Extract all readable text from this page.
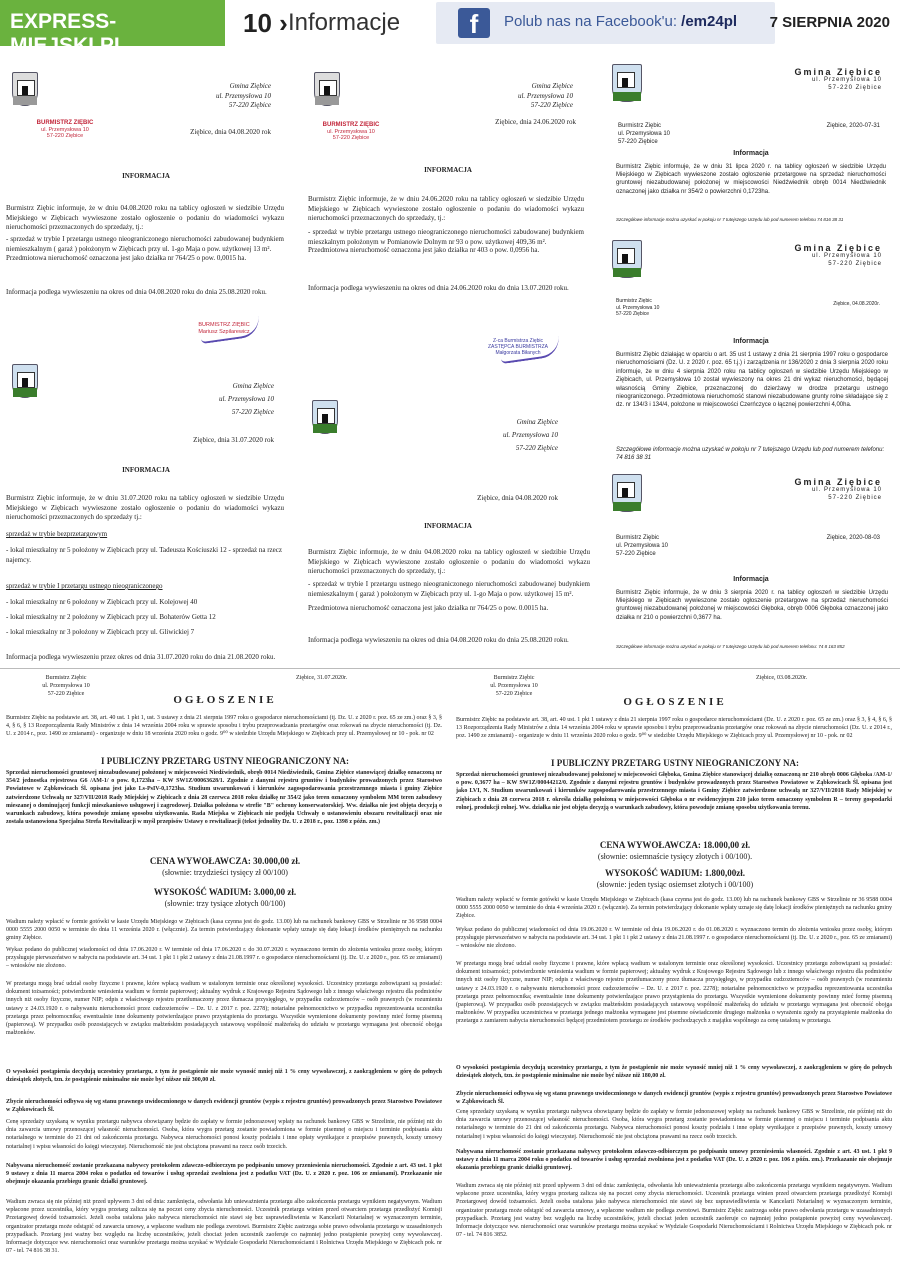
EXPRESS-MIEJSKI.PL
10 › Informacje	f	Polub nas na Facebook'u: /em24pl 7 SIERPNIA 2020
Gmina Ziębice
ul. Przemysłowa 10
57-220 Ziębice
BURMISTRZ ZIĘBIC
ul. Przemysłowa 10
57-220 Ziębice	Ziębice, dnia 04.08.2020 rok
INFORMACJA
Burmistrz Ziębic informuje, że w dniu 04.08.2020 roku na tablicy ogłoszeń w siedzibie Urzędu Miejskiego w Ziębicach wywieszone zostało ogłoszenie o podaniu do wiadomości wykazu nieruchomości przeznaczonych do sprzedaży, tj.:
- sprzedaż w trybie I przetargu ustnego nieograniczonego nieruchomości zabudowanej budynkiem niemieszkalnym ( garaż ) położonym w Ziębicach przy ul. 1-go Maja o pow. użytkowej 13 m².
Przedmiotowa nieruchomość oznaczona jest jako działka nr 764/25 o pow. 0,0015 ha.
Informacja podlega wywieszeniu na okres od dnia 04.08.2020 roku do dnia 25.08.2020 roku.
BURMISTRZ ZIĘBIC
Mariusz Szpilarewicz
Gmina Ziębice
ul. Przemysłowa 10
57-220 Ziębice
BURMISTRZ ZIĘBIC
ul. Przemysłowa 10
57-220 Ziębice
Ziębice, dnia 24.06.2020 rok
INFORMACJA
Burmistrz Ziębic informuje, że w dniu 24.06.2020 roku na tablicy ogłoszeń w siedzibie Urzędu Miejskiego w Ziębicach wywieszone zostało ogłoszenie o podaniu do wiadomości wykazu nieruchomości przeznaczonych do sprzedaży, tj.:
- sprzedaż w trybie przetargu ustnego nieograniczonego nieruchomości zabudowanej budynkiem mieszkalnym położonym w Pomianowie Dolnym nr 93 o pow. użytkowej 409,36 m².
Przedmiotowa nieruchomość oznaczona jest jako działka nr 403 o pow. 0,0956 ha.
Informacja podlega wywieszeniu na okres od dnia 24.06.2020 roku do dnia 13.07.2020 roku.
Z-ca Burmistrza Ziębic
ZASTĘPCA BURMISTRZA
Małgorzata Biłanych
Gmina Ziębice
ul. Przemysłowa 10
57-220 Ziębice
Burmistrz Ziębic
ul. Przemysłowa 10
57-220 Ziębice
Ziębice, 2020-07-31
Informacja
Burmistrz Ziębic informuje, że w dniu 31 lipca 2020 r. na tablicy ogłoszeń w siedzibie Urzędu Miejskiego w Ziębicach wywieszone zostało ogłoszenie przetargowe na sprzedaż nieruchomości gruntowej niezabudowanej położonej w miejscowości Niedźwiednik obręb 0014 Niedźwiednik oznaczonej jako działka nr 354/2 o powierzchni 0,1723ha.
Szczegółowe informacje można uzyskać w pokoju nr 7 tutejszego Urzędu lub pod numerem telefonu 74 816 38 31
Gmina Ziębice
ul. Przemysłowa 10
57-220 Ziębice
Burmistrz Ziębic
ul. Przemysłowa 10
57-220 Ziębice
Ziębice, 04.08.2020r.
Informacja
Burmistrz Ziębic działając w oparciu o art. 35 ust 1 ustawy z dnia 21 sierpnia 1997 roku o gospodarce nieruchomościami (Dz. U. z 2020 r. poz. 65 t.j.) i zarządzenia nr 136/2020 z dnia 3 sierpnia 2020 roku informuje, że w dniu 4 sierpnia 2020 roku na tablicy ogłoszeń w siedzibie Urzędu Miejskiego w Ziębicach, ul. Przemysłowa 10 został wywieszony na okres 21 dni wykaz nieruchomości, będącej własnością Gminy Ziębice, przeznaczonej do dzierżawy w drodze przetargu ustnego nieograniczonego. Przedmiotowa nieruchomość stanowi niezabudowane grunty rolne składające się z dz. nr 134/3 i 134/4, położone w miejscowości Czerńczyce o łącznej powierzchni 4,00ha.
Szczegółowe informacje można uzyskać w pokoju nr 7 tutejszego Urzędu lub pod numerem telefonu: 74 816 38 31
Gmina Ziębice
ul. Przemysłowa 10
57-220 Ziębice
Burmistrz Ziębic
ul. Przemysłowa 10
57-220 Ziębice
Ziębice, 2020-08-03
Informacja
Burmistrz Ziębic informuje, że w dniu 3 sierpnia 2020 r. na tablicy ogłoszeń w siedzibie Urzędu Miejskiego w Ziębicach wywieszone zostało ogłoszenie przetargowe na sprzedaż nieruchomości gruntowej niezabudowanej położonej w miejscowości Głęboka, obręb 0006 Głęboka oznaczonej jako działka nr 210 o powierzchni 0,3677 ha.
Szczegółowe informacje można uzyskać w pokoju nr 7 tutejszego Urzędu lub pod numerem telefonu: 74 8 163 852
Gmina Ziębice
ul. Przemysłowa 10
57-220 Ziębice
Ziębice, dnia 31.07.2020 rok
INFORMACJA
Burmistrz Ziębic informuje, że w dniu 31.07.2020 roku na tablicy ogłoszeń w siedzibie Urzędu Miejskiego w Ziębicach wywieszone zostało ogłoszenie o podaniu do wiadomości wykazu nieruchomości przeznaczonych do sprzedaży tj.:
sprzedaż w trybie bezprzetargowym
- lokal mieszkalny nr 5 położony w Ziębicach przy ul. Tadeusza Kościuszki 12 - sprzedaż na rzecz najemcy.
sprzedaż w trybie I przetargu ustnego nieograniczonego
- lokal mieszkalny nr 6 położony w Ziębicach przy ul. Kolejowej 40
- lokal mieszkalny nr 2 położony w Ziębicach przy ul. Bohaterów Getta 12
- lokal mieszkalny nr 3 położony w Ziębicach przy ul. Gliwickiej 7
Informacja podlega wywieszeniu przez okres od dnia 31.07.2020 roku do dnia 21.08.2020 roku.
Gmina Ziębice
ul. Przemysłowa 10
57-220 Ziębice
Ziębice, dnia 04.08.2020 rok
INFORMACJA
Burmistrz Ziębic informuje, że w dniu 04.08.2020 roku na tablicy ogłoszeń w siedzibie Urzędu Miejskiego w Ziębicach wywieszone zostało ogłoszenie o podaniu do wiadomości wykazu nieruchomości przeznaczonych do sprzedaży, tj.:
- sprzedaż w trybie I przetargu ustnego nieograniczonego nieruchomości zabudowanej budynkiem niemieszkalnym ( garaż ) położonym w Ziębicach przy ul. 1-go Maja o pow. użytkowej 15 m².
Przedmiotowa nieruchomość oznaczona jest jako działka nr 764/25 o pow. 0.0015 ha.
Informacja podlega wywieszeniu na okres od dnia 04.08.2020 roku do dnia 25.08.2020 roku.
Burmistrz Ziębic
ul. Przemysłowa 10
57-220 Ziębice
Ziębice, 31.07.2020r.
OGŁOSZENIE
Burmistrz Ziębic na podstawie art. 38, art. 40 ust. 1 pkt 1, ust. 3 ustawy z dnia 21 sierpnia 1997 roku o gospodarce nieruchomościami (tj. Dz. U. z 2020 r. poz. 65 ze zm.) oraz § 3, § 4, § 6, § 13 Rozporządzenia Rady Ministrów z dnia 14 września 2004 roku w sprawie sposobu i trybu przeprowadzania przetargów oraz rokowań na zbycie nieruchomości (tj. Dz. U. z 2014 r., poz. 1490 ze zmianami) - organizuje w dniu 18 września 2020 roku o godz. 9⁰⁰ w siedzibie Urzędu Miejskiego w Ziębicach przy ul. Przemysłowej nr 10 - pok. nr 02
I PUBLICZNY PRZETARG USTNY NIEOGRANICZONY NA:
Sprzedaż nieruchomości gruntowej niezabudowanej położonej w miejscowości Niedźwiednik, obręb 0014 Niedźwiednik, Gmina Ziębice stanowiącej działkę oznaczoną nr 354/2 jednostka rejestrowa G6 /AM-1/ o pow. 0,1723ha – KW SW1Z/00063628/1. Zgodnie z danymi rejestru gruntów i budynków prowadzonych przez Starostwo Powiatowe w Ząbkowicach Śl. opisana jest jako Ls-PsIV-0,1723ha. Studium uwarunkowań i kierunków zagospodarowania przestrzennego miasta i gminy Ziębice zatwierdzone Uchwałą nr 327/VII/2018 Rady Miejskiej w Ziębicach z dnia 28 czerwca 2018 roku działkę nr 354/2 jako teren oznaczony symbolem MM teren zabudowy mieszanej o dominującej funkcji mieszkaniowo usługowej i zagrodowej. Działka położona w strefie "B" ochrony konserwatorskiej. Ww. działka nie jest objęta decyzją o warunkach zabudowy, która powoduje zmianę sposobu użytkowania. Rada Miejska w Ziębicach nie podjęła Uchwały o ustanowieniu obszaru rewitalizacji oraz nie została ustanowiona Specjalna Strefa Rewitalizacji w myśl przepisów Ustawy o rewitalizacji (tekst jednolity Dz. U. z 2018 r., poz. 1398 z późn. zm.)
CENA WYWOŁAWCZA: 30.000,00 zł.
(słownie: trzydzieści tysięcy zł 00/100)
WYSOKOŚĆ WADIUM: 3.000,00 zł.
(słownie: trzy tysiące złotych 00/100)
Wadium należy wpłacić w formie gotówki w kasie Urzędu Miejskiego w Ziębicach (kasa czynna jest do godz. 13.00) lub na rachunek bankowy GBS w Strzelinie nr 36 9588 0004 0000 5555 2000 0050 w terminie do dnia 11 września 2020 r. (włącznie). Za termin potwierdzający dokonanie wpłaty uznaje się datę lokacji środków pieniężnych na rachunku gminy Ziębice.
Wykaz podano do publicznej wiadomości od dnia 17.06.2020 r. W terminie od dnia 17.06.2020 r. do 30.07.2020 r. wyznaczono termin do złożenia wniosku przez osoby, którym przysługuje pierwszeństwo w nabyciu na podstawie art. 34 ust. 1 pkt 1 i pkt 2 ustawy z dnia 21.08.1997 r. o gospodarce nieruchomościami (tj. Dz. U. z 2020 r., poz. 65 ze zmianami) – wniosków nie złożono.
W przetargu mogą brać udział osoby fizyczne i prawne, które wpłacą wadium w ustalonym terminie oraz określonej wysokości. Uczestnicy przetargu zobowiązani są posiadać: dokument tożsamości; potwierdzenie wniesienia wadium w formie papierowej; aktualny wydruk z Krajowego Rejestru Sądowego lub z innego właściwego rejestru dla podmiotów innych niż osoby fizyczne, numer NIP; odpis z właściwego rejestru przetłumaczony przez tłumacza przysięgłego, w przypadku cudzoziemców – osób prawnych (w rozumieniu ustawy z 24.03.1920 r. o nabywaniu nieruchomości przez cudzoziemców – Dz. U. z 2017 r. poz. 2278); notarialne pełnomocnictwo w przypadku reprezentowania uczestnika przetargu przez pełnomocnika; ewentualnie inne dokumenty potwierdzające prawo przystąpienia do przetargu. Wszystkie wymienione dokumenty powinny mieć formę pisemną (papierową). W przypadku osób pozostających w związku małżeńskim posiadających ustawową wspólność małżeńską do udziału w przetargu wymagana jest obecność obojga małżonków.
O wysokości postąpienia decydują uczestnicy przetargu, z tym że postąpienie nie może wynosić mniej niż 1 % ceny wywoławczej, z zaokrągleniem w górę do pełnych dziesiątek złotych, tzn. że postąpienie minimalne nie może być niższe niż 300,00 zł.
Zbycie nieruchomości odbywa się wg stanu prawnego uwidocznionego w danych ewidencji gruntów (wypis z rejestru gruntów) prowadzonych przez Starostwo Powiatowe w Ząbkowicach Śl.
Cenę sprzedaży uzyskaną w wyniku przetargu nabywca obowiązany będzie do zapłaty w formie jednorazowej wpłaty na rachunek bankowy GBS w Strzelinie, nie później niż do dnia zawarcia umowy przenoszącej własność nieruchomości. Osoba, która wygra przetarg zostanie powiadomiona w formie pisemnej o miejscu i terminie podpisania aktu notarialnego w terminie do 21 dni od zakończenia przetargu. Nabywca nieruchomości ponosi koszty podziału i inne opłaty wynikające z przepisów prawnych, koszty umowy notarialnej i wpisu własności do księgi wieczystej. Nieruchomość nie jest obciążona prawami na rzecz osób trzecich.
Nabywana nieruchomość zostanie przekazana nabywcy protokołem zdawczo-odbiorczym po podpisaniu umowy przeniesienia nieruchomości. Zgodnie z art. 43 ust. 1 pkt 9 ustawy z dnia 11 marca 2004 roku o podatku od towarów i usług sprzedaż zwolniona jest z podatku VAT (Dz. U. z 2020 r. poz. 106 ze zmianami). Przekazanie nie obejmuje okazania przebiegu granic działki gruntowej.
Wadium zwraca się nie później niż przed upływem 3 dni od dnia: zamknięcia, odwołania lub unieważnienia przetargu albo zakończenia przetargu wynikiem negatywnym. Wadium wpłacone przez uczestnika, który wygra przetarg zalicza się na poczet ceny zbycia nieruchomości. Uczestnik przetargu winien przed otwarciem przetargu przedłożyć Komisji Przetargowej dowód tożsamości. Jeżeli osoba ustalona jako nabywca nieruchomości nie stawi się bez usprawiedliwienia w Kancelarii Notarialnej w wyznaczonym terminie, organizator przetargu może odstąpić od zawarcia umowy, a wpłacone wadium nie podlega zwrotowi. Burmistrz Ziębic zastrzega sobie prawo odwołania przetargu w uzasadnionych przypadkach. Przetarg jest ważny bez względu na liczbę uczestników, jeżeli chociaż jeden uczestnik zaoferuje co najmniej jedno postąpienie powyżej ceny wywoławczej. Informacje dotyczące ww. nieruchomości oraz warunków przetargu można uzyskać w Wydziale Gospodarki Nieruchomościami i Rolnictwa Urzędu Miejskiego w Ziębicach pok. nr 07 - tel. 74 816 38 31.
Burmistrz Ziębic
ul. Przemysłowa 10
57-220 Ziębice
Ziębice, 03.08.2020r.
OGŁOSZENIE
Burmistrz Ziębic na podstawie art. 38, art. 40 ust. 1 pkt 1 ustawy z dnia 21 sierpnia 1997 roku o gospodarce nieruchomościami (Dz. U. z 2020 r. poz. 65 ze zm.) oraz § 3, § 4, § 6, § 13 Rozporządzenia Rady Ministrów z dnia 14 września 2004 roku w sprawie sposobu i trybu przeprowadzania przetargów oraz rokowań na zbycie nieruchomości (Dz. U. z 2014 r., poz. 1490 ze zmianami) - organizuje w dniu 11 września 2020 roku o godz. 9⁰⁰ w siedzibie Urzędu Miejskiego w Ziębicach przy ul. Przemysłowej nr 10 - pok. nr 02
I PUBLICZNY PRZETARG USTNY NIEOGRANICZONY NA:
Sprzedaż nieruchomości gruntowej niezabudowanej położonej w miejscowości Głęboka, Gmina Ziębice stanowiącej działkę oznaczoną nr 210 obręb 0006 Głęboka /AM-1/ o pow. 0,3677 ha – KW SW1Z/00044212/0. Zgodnie z danymi rejestru gruntów i budynków prowadzonych przez Starostwo Powiatowe w Ząbkowicach Śl. opisana jest jako LVI, N. Studium uwarunkowań i kierunków zagospodarowania przestrzennego miasta i Gminy Ziębice zatwierdzone uchwałą nr 327/VII/2018 Rady Miejskiej w Ziębicach z dnia 28 czerwca 2018 r. określa działkę położoną w miejscowości Głęboka o nr ewidencyjnym 210 jako teren oznaczony symbolem R – tereny gospodarki rolnej, produkcji rolnej. Ww. działka nie jest objęta decyzją o warunkach zabudowy, która powoduje zmianę sposobu użytkowania terenu.
CENA WYWOŁAWCZA: 18.000,00 zł.
(słownie: osiemnaście tysięcy złotych i 00/100).
WYSOKOŚĆ WADIUM: 1.800,00zł.
(słownie: jeden tysiąc osiemset złotych i 00/100)
Wadium należy wpłacić w formie gotówki w kasie Urzędu Miejskiego w Ziębicach (kasa czynna jest do godz. 13.00) lub na rachunek bankowy GBS w Strzelinie nr 36 9588 0004 0000 5555 2000 0050 w terminie do dnia 4 września 2020 r. (włącznie). Za termin potwierdzający dokonanie wpłaty uznaje się datę lokacji środków pieniężnych na rachunku gminy Ziębice.
Wykaz podano do publicznej wiadomości od dnia 19.06.2020 r. W terminie od dnia 19.06.2020 r. do 01.08.2020 r. wyznaczono termin do złożenia wniosku przez osoby, którym przysługuje pierwszeństwo w nabyciu na podstawie art. 34 ust. 1 pkt 1 i pkt 2 ustawy z dnia 21.08.1997 r. o gospodarce nieruchomościami (tj. Dz. U. z 2020 r., poz. 65 ze zmianami) – wniosków nie złożono.
W przetargu mogą brać udział osoby fizyczne i prawne, które wpłacą wadium w ustalonym terminie oraz określonej wysokości. Uczestnicy przetargu zobowiązani są posiadać: dokument tożsamości; potwierdzenie wniesienia wadium w formie papierowej; aktualny wydruk z Krajowego Rejestru Sądowego lub z innego właściwego rejestru dla podmiotów innych niż osoby fizyczne, numer NIP; odpis z właściwego rejestru przetłumaczony przez tłumacza przysięgłego, w przypadku cudzoziemców – osób prawnych (w rozumieniu ustawy z 24.03.1920 r. o nabywaniu nieruchomości przez cudzoziemców – Dz. U. z 2017 r. poz. 2278); notarialne pełnomocnictwo w przypadku reprezentowania uczestnika przetargu przez pełnomocnika; ewentualnie inne dokumenty potwierdzające prawo przystąpienia do przetargu. Wszystkie wymienione dokumenty powinny mieć formę pisemną (papierową). W przypadku osób pozostających w związku małżeńskim posiadających ustawową wspólność małżeńską do udziału w przetargu wymagana jest obecność obojga małżonków. W przypadku uczestnictwa w przetargu jednego małżonka wymagane jest pisemne oświadczenie drugiego małżonka o wyrażeniu zgody na przystąpienie małżonka do przetargu z zamiarem nabycia nieruchomości będącej przedmiotem przetargu ze środków pochodzących z majątku wspólnego za cenę ustaloną w przetargu.
O wysokości postąpienia decydują uczestnicy przetargu, z tym że postąpienie nie może wynosić mniej niż 1 % ceny wywoławczej, z zaokrągleniem w górę do pełnych dziesiątek złotych, tzn. że postąpienie minimalne nie może być niższe niż 180,00 zł.
Zbycie nieruchomości odbywa się wg stanu prawnego uwidocznionego w danych ewidencji gruntów (wypis z rejestru gruntów) prowadzonych przez Starostwo Powiatowe w Ząbkowicach Śl.
Cenę sprzedaży uzyskaną w wyniku przetargu nabywca obowiązany będzie do zapłaty w formie jednorazowej wpłaty na rachunek bankowy GBS w Strzelinie, nie później niż do dnia zawarcia umowy przenoszącej własność nieruchomości. Osoba, która wygra przetarg zostanie powiadomiona w formie pisemnej o miejscu i terminie podpisania aktu notarialnego w terminie do 21 dni od zakończenia przetargu. Nabywca nieruchomości ponosi koszty podziału i inne opłaty wynikające z przepisów prawnych, koszty umowy notarialnej i wpisu własności do księgi wieczystej. Nieruchomość nie jest obciążona prawami na rzecz osób trzecich.
Nabywana nieruchomość zostanie przekazana nabywcy protokołem zdawczo-odbiorczym po podpisaniu umowy przeniesienia własności. Zgodnie z art. 43 ust. 1 pkt 9 ustawy z dnia 11 marca 2004 roku o podatku od towarów i usług sprzedaż zwolniona jest z podatku VAT (Dz. U. z 2020 r. poz. 106 z późn. zm.). Przekazanie nie obejmuje okazania przebiegu granic działki gruntowej.
Wadium zwraca się nie później niż przed upływem 3 dni od dnia: zamknięcia, odwołania lub unieważnienia przetargu albo zakończenia przetargu wynikiem negatywnym. Wadium wpłacone przez uczestnika, który wygra przetarg zalicza się na poczet ceny zbycia nieruchomości. Uczestnik przetargu winien przed otwarciem przetargu przedłożyć Komisji Przetargowej dowód tożsamości. Jeżeli osoba ustalona jako nabywca nieruchomości nie stawi się bez usprawiedliwienia w Kancelarii Notarialnej w wyznaczonym terminie, organizator przetargu może odstąpić od zawarcia umowy, a wpłacone wadium nie podlega zwrotowi. Burmistrz Ziębic zastrzega sobie prawo odwołania przetargu w uzasadnionych przypadkach. Przetarg jest ważny bez względu na liczbę uczestników, jeżeli chociaż jeden uczestnik zaoferuje co najmniej jedno postąpienie powyżej ceny wywoławczej. Informacje dotyczące ww. nieruchomości oraz warunków przetargu można uzyskać w Wydziale Gospodarki Nieruchomościami i Rolnictwa Urzędu Miejskiego w Ziębicach pok. nr 07 - tel. 74 816 3852.
